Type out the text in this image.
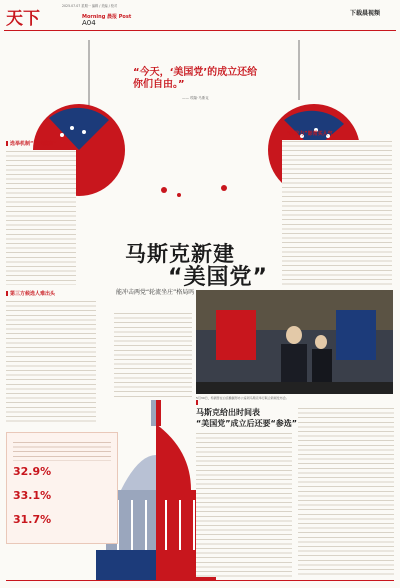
天下
2025.07.07 星期一 编辑 / 美编 / 校对
Morning 晨报 Post
A04
下载晨视频
“今天，‘美国党’的成立还给你们自由。”
—— 埃隆·马斯克
马斯克新建
“美国党”
能冲击两党“轮流坐庄”格局吗
选举机制“已过数座”
“秋收力”影常买人气
第三方候选人难出头
32.9%
33.1%
31.7%
5月30日，特朗普在白宫椭圆形办公室同马斯克举行联合新闻发布会。
马斯克给出时间表
“美国党”成立后还要“参选”
